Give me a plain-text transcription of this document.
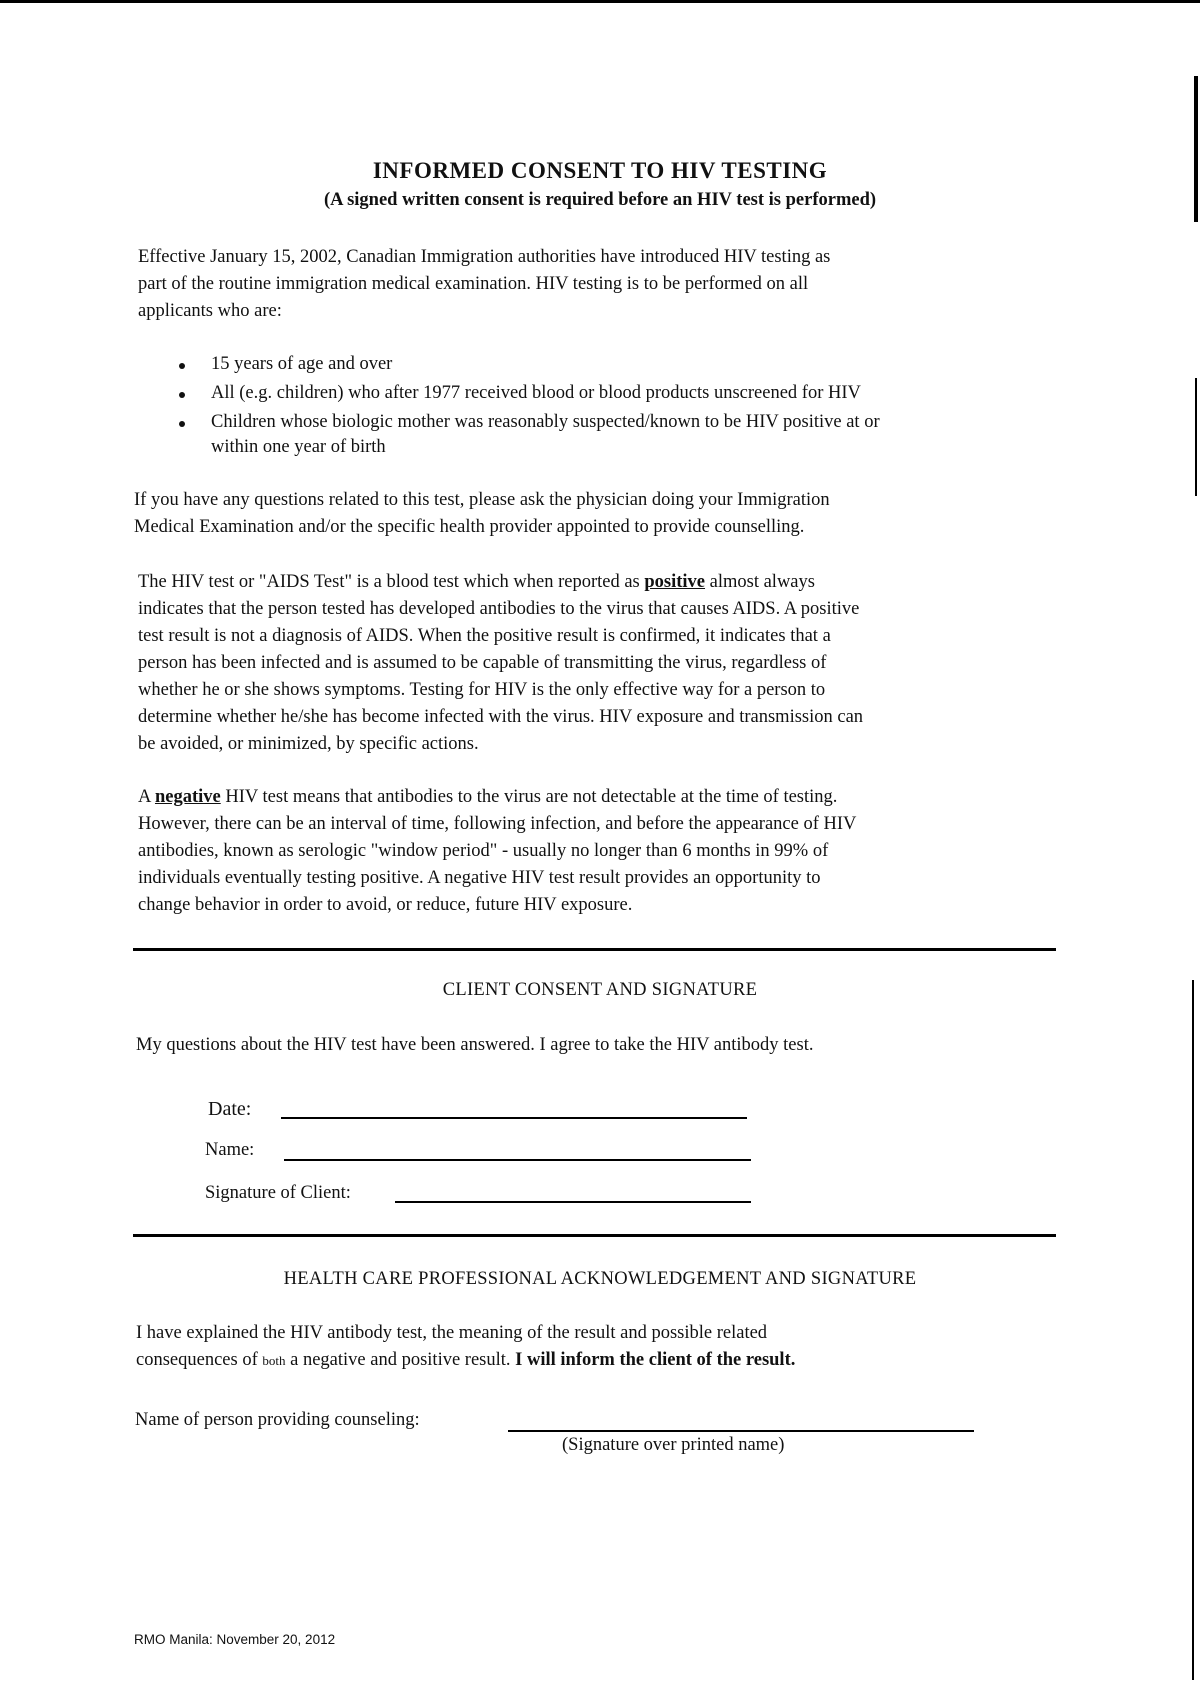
INFORMED CONSENT TO HIV TESTING
(A signed written consent is required before an HIV test is performed)
Effective January 15, 2002, Canadian Immigration authorities have introduced HIV testing as
part of the routine immigration medical examination. HIV testing is to be performed on all
applicants who are:
15 years of age and over
All (e.g. children) who after 1977 received blood or blood products unscreened for HIV
Children whose biologic mother was reasonably suspected/known to be HIV positive at or
within one year of birth
If you have any questions related to this test, please ask the physician doing your Immigration
Medical Examination and/or the specific health provider appointed to provide counselling.
The HIV test or "AIDS Test" is a blood test which when reported as positive almost always
indicates that the person tested has developed antibodies to the virus that causes AIDS. A positive
test result is not a diagnosis of AIDS. When the positive result is confirmed, it indicates that a
person has been infected and is assumed to be capable of transmitting the virus, regardless of
whether he or she shows symptoms. Testing for HIV is the only effective way for a person to
determine whether he/she has become infected with the virus. HIV exposure and transmission can
be avoided, or minimized, by specific actions.
A negative HIV test means that antibodies to the virus are not detectable at the time of testing.
However, there can be an interval of time, following infection, and before the appearance of HIV
antibodies, known as serologic "window period" - usually no longer than 6 months in 99% of
individuals eventually testing positive. A negative HIV test result provides an opportunity to
change behavior in order to avoid, or reduce, future HIV exposure.
CLIENT CONSENT AND SIGNATURE
My questions about the HIV test have been answered. I agree to take the HIV antibody test.
Date:
Name:
Signature of Client:
HEALTH CARE PROFESSIONAL ACKNOWLEDGEMENT AND SIGNATURE
I have explained the HIV antibody test, the meaning of the result and possible related
consequences of both a negative and positive result. I will inform the client of the result.
Name of person providing counseling:
(Signature over printed name)
RMO Manila: November 20, 2012
